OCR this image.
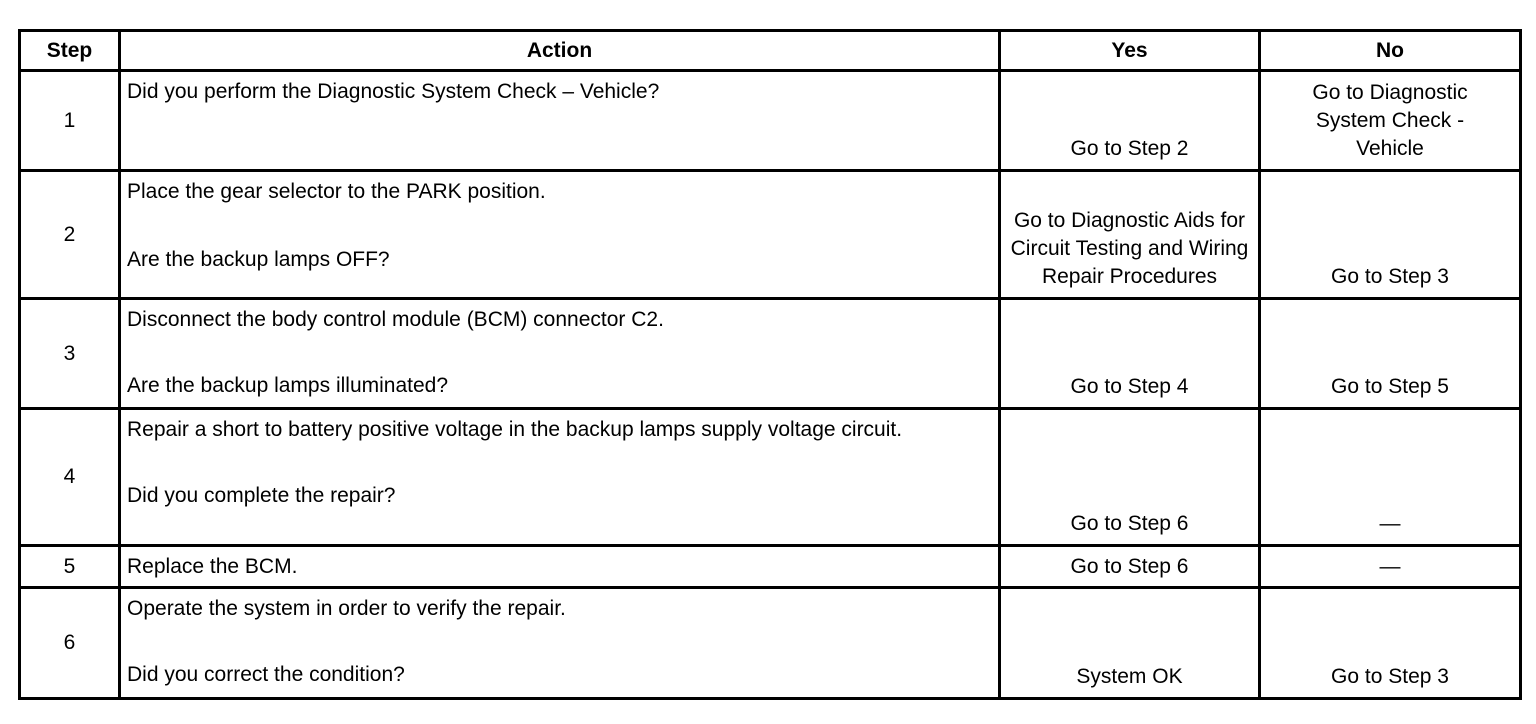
Step	Action	Yes	No
1	Did you perform the Diagnostic System Check – Vehicle?	Go to Step 2	Go to Diagnostic System Check - Vehicle

2	Place the gear selector to the PARK position.
Are the backup lamps OFF?	Go to Diagnostic Aids for Circuit Testing and Wiring Repair Procedures	Go to Step 3

3	Disconnect the body control module (BCM) connector C2.
Are the backup lamps illuminated?	Go to Step 4	Go to Step 5

4	Repair a short to battery positive voltage in the backup lamps supply voltage circuit.
Did you complete the repair?	Go to Step 6	—

5	Replace the BCM.	Go to Step 6	—

6	Operate the system in order to verify the repair.
Did you correct the condition?	System OK	Go to Step 3
